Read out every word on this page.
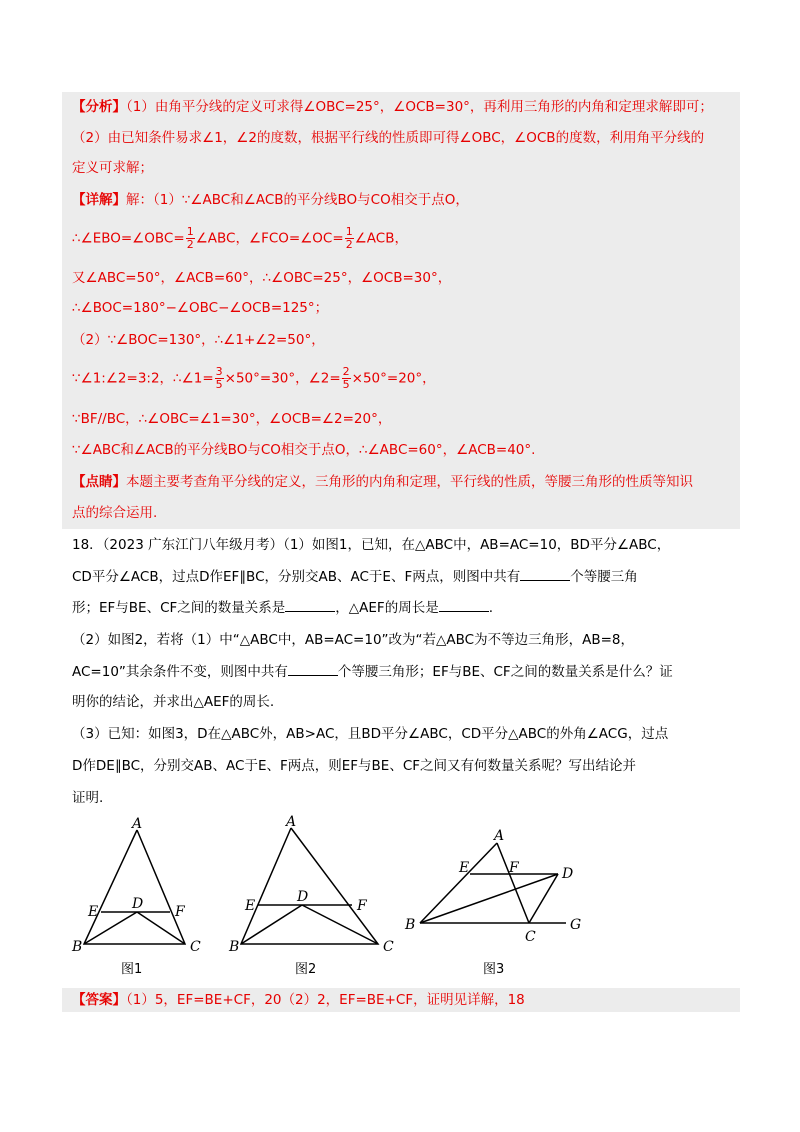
【分析】（1）由角平分线的定义可求得∠OBC=25°，∠OCB=30°，再利用三角形的内角和定理求解即可；
（2）由已知条件易求∠1，∠2的度数，根据平行线的性质即可得∠OBC，∠OCB的度数，利用角平分线的
定义可求解；
【详解】解：（1）∵∠ABC和∠ACB的平分线BO与CO相交于点O，
∴∠EBO=∠OBC= $\frac{1}{2}$ ∠ABC，∠FCO=∠OC= $\frac{1}{2}$ ∠ACB，
又∠ABC=50°，∠ACB=60°，∴∠OBC=25°，∠OCB=30°，
∴∠BOC=180°−∠OBC−∠OCB=125°；
（2）∵∠BOC=130°，∴∠1+∠2=50°，
∵∠1:∠2=3:2，∴∠1= $\frac{3}{5} \times 50^\circ=30^\circ$，∠2= $\frac{2}{5} \times 50^\circ=20^\circ$，
∵BF//BC，∴∠OBC=∠1=30°，∠OCB=∠2=20°，
∵∠ABC和∠ACB的平分线BO与CO相交于点O，∴∠ABC=60°，∠ACB=40°.
【点睛】本题主要考查角平分线的定义，三角形的内角和定理，平行线的性质，等腰三角形的性质等知识
点的综合运用.
18．（2023 广东江门八年级月考）（1）如图1，已知，在△ABC中，AB=AC=10，BD平分∠ABC，
CD平分∠ACB，过点D作EF∥BC，分别交AB、AC于E、F两点，则图中共有	个等腰三角
形；EF与BE、CF之间的数量关系是	，△AEF的周长是	.
（2）如图2，若将（1）中“△ABC中，AB=AC=10”改为“若△ABC为不等边三角形，AB=8，
AC=10”其余条件不变，则图中共有	个等腰三角形；EF与BE、CF之间的数量关系是什么？证
明你的结论，并求出△AEF的周长.
（3）已知：如图3，D在△ABC外，AB>AC，且BD平分∠ABC，CD平分△ABC的外角∠ACG，过点
D作DE∥BC，分别交AB、AC于E、F两点，则EF与BE、CF之间又有何数量关系呢？写出结论并
证明.
A
D
E	F
B	C
图1
A
D
E	F
B	C
图2
A
E	F	D
B
C
G
图3
【答案】（1）5，EF=BE+CF，20（2）2，EF=BE+CF，证明见详解，18
